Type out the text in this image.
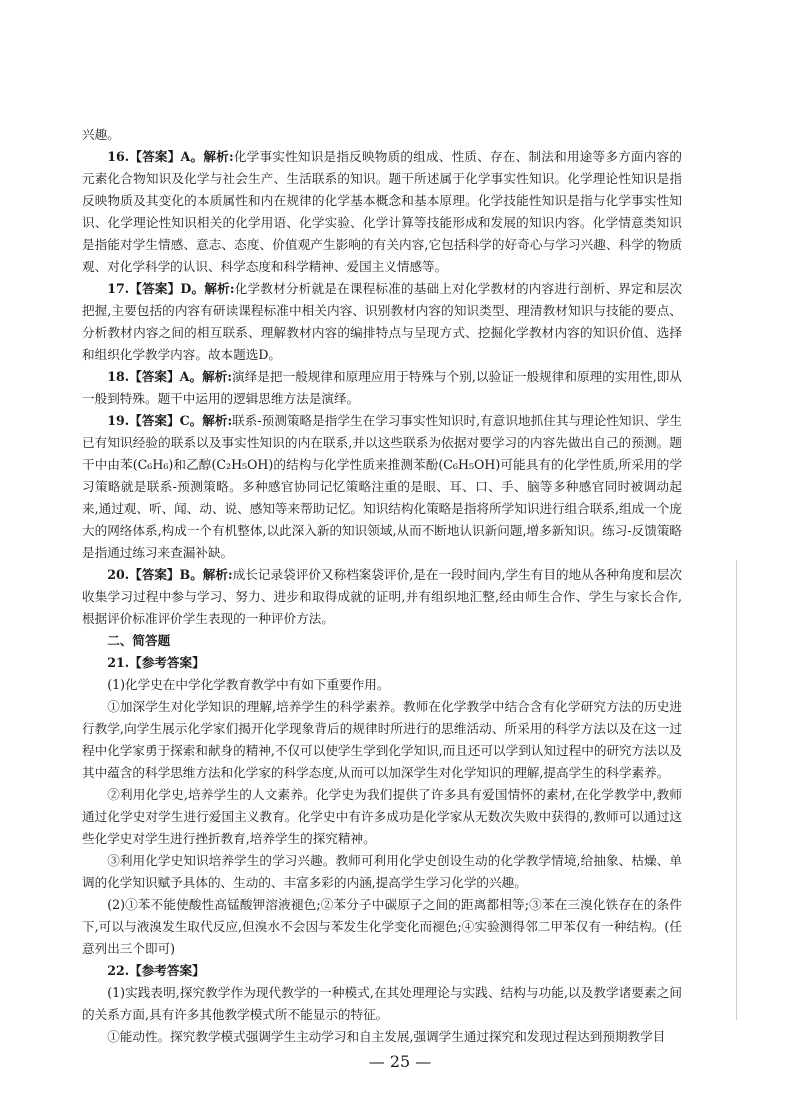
兴趣。

16.【答案】A。解析:化学事实性知识是指反映物质的组成、性质、存在、制法和用途等多方面内容的元素化合物知识及化学与社会生产、生活联系的知识。题干所述属于化学事实性知识。化学理论性知识是指反映物质及其变化的本质属性和内在规律的化学基本概念和基本原理。化学技能性知识是指与化学事实性知识、化学理论性知识相关的化学用语、化学实验、化学计算等技能形成和发展的知识内容。化学情意类知识是指能对学生情感、意志、态度、价值观产生影响的有关内容,它包括科学的好奇心与学习兴趣、科学的物质观、对化学科学的认识、科学态度和科学精神、爱国主义情感等。

17.【答案】D。解析:化学教材分析就是在课程标准的基础上对化学教材的内容进行剖析、界定和层次把握,主要包括的内容有研读课程标准中相关内容、识别教材内容的知识类型、理清教材知识与技能的要点、分析教材内容之间的相互联系、理解教材内容的编排特点与呈现方式、挖掘化学教材内容的知识价值、选择和组织化学教学内容。故本题选D。

18.【答案】A。解析:演绎是把一般规律和原理应用于特殊与个别,以验证一般规律和原理的实用性,即从一般到特殊。题干中运用的逻辑思维方法是演绎。

19.【答案】C。解析:联系-预测策略是指学生在学习事实性知识时,有意识地抓住其与理论性知识、学生已有知识经验的联系以及事实性知识的内在联系,并以这些联系为依据对要学习的内容先做出自己的预测。题干中由苯(C₆H₆)和乙醇(C₂H₅OH)的结构与化学性质来推测苯酚(C₆H₅OH)可能具有的化学性质,所采用的学习策略就是联系-预测策略。多种感官协同记忆策略注重的是眼、耳、口、手、脑等多种感官同时被调动起来,通过观、听、闻、动、说、感知等来帮助记忆。知识结构化策略是指将所学知识进行组合联系,组成一个庞大的网络体系,构成一个有机整体,以此深入新的知识领域,从而不断地认识新问题,增多新知识。练习-反馈策略是指通过练习来查漏补缺。

20.【答案】B。解析:成长记录袋评价又称档案袋评价,是在一段时间内,学生有目的地从各种角度和层次收集学习过程中参与学习、努力、进步和取得成就的证明,并有组织地汇整,经由师生合作、学生与家长合作,根据评价标准评价学生表现的一种评价方法。

二、简答题

21.【参考答案】

(1)化学史在中学化学教育教学中有如下重要作用。

①加深学生对化学知识的理解,培养学生的科学素养。教师在化学教学中结合含有化学研究方法的历史进行教学,向学生展示化学家们揭开化学现象背后的规律时所进行的思维活动、所采用的科学方法以及在这一过程中化学家勇于探索和献身的精神,不仅可以使学生学到化学知识,而且还可以学到认知过程中的研究方法以及其中蕴含的科学思维方法和化学家的科学态度,从而可以加深学生对化学知识的理解,提高学生的科学素养。

②利用化学史,培养学生的人文素养。化学史为我们提供了许多具有爱国情怀的素材,在化学教学中,教师通过化学史对学生进行爱国主义教育。化学史中有许多成功是化学家从无数次失败中获得的,教师可以通过这些化学史对学生进行挫折教育,培养学生的探究精神。

③利用化学史知识培养学生的学习兴趣。教师可利用化学史创设生动的化学教学情境,给抽象、枯燥、单调的化学知识赋予具体的、生动的、丰富多彩的内涵,提高学生学习化学的兴趣。

(2)①苯不能使酸性高锰酸钾溶液褪色;②苯分子中碳原子之间的距离都相等;③苯在三溴化铁存在的条件下,可以与液溴发生取代反应,但溴水不会因与苯发生化学变化而褪色;④实验测得邻二甲苯仅有一种结构。(任意列出三个即可)

22.【参考答案】

(1)实践表明,探究教学作为现代教学的一种模式,在其处理理论与实践、结构与功能,以及教学诸要素之间的关系方面,具有许多其他教学模式所不能显示的特征。

①能动性。探究教学模式强调学生主动学习和自主发展,强调学生通过探究和发现过程达到预期教学目

— 25 —
